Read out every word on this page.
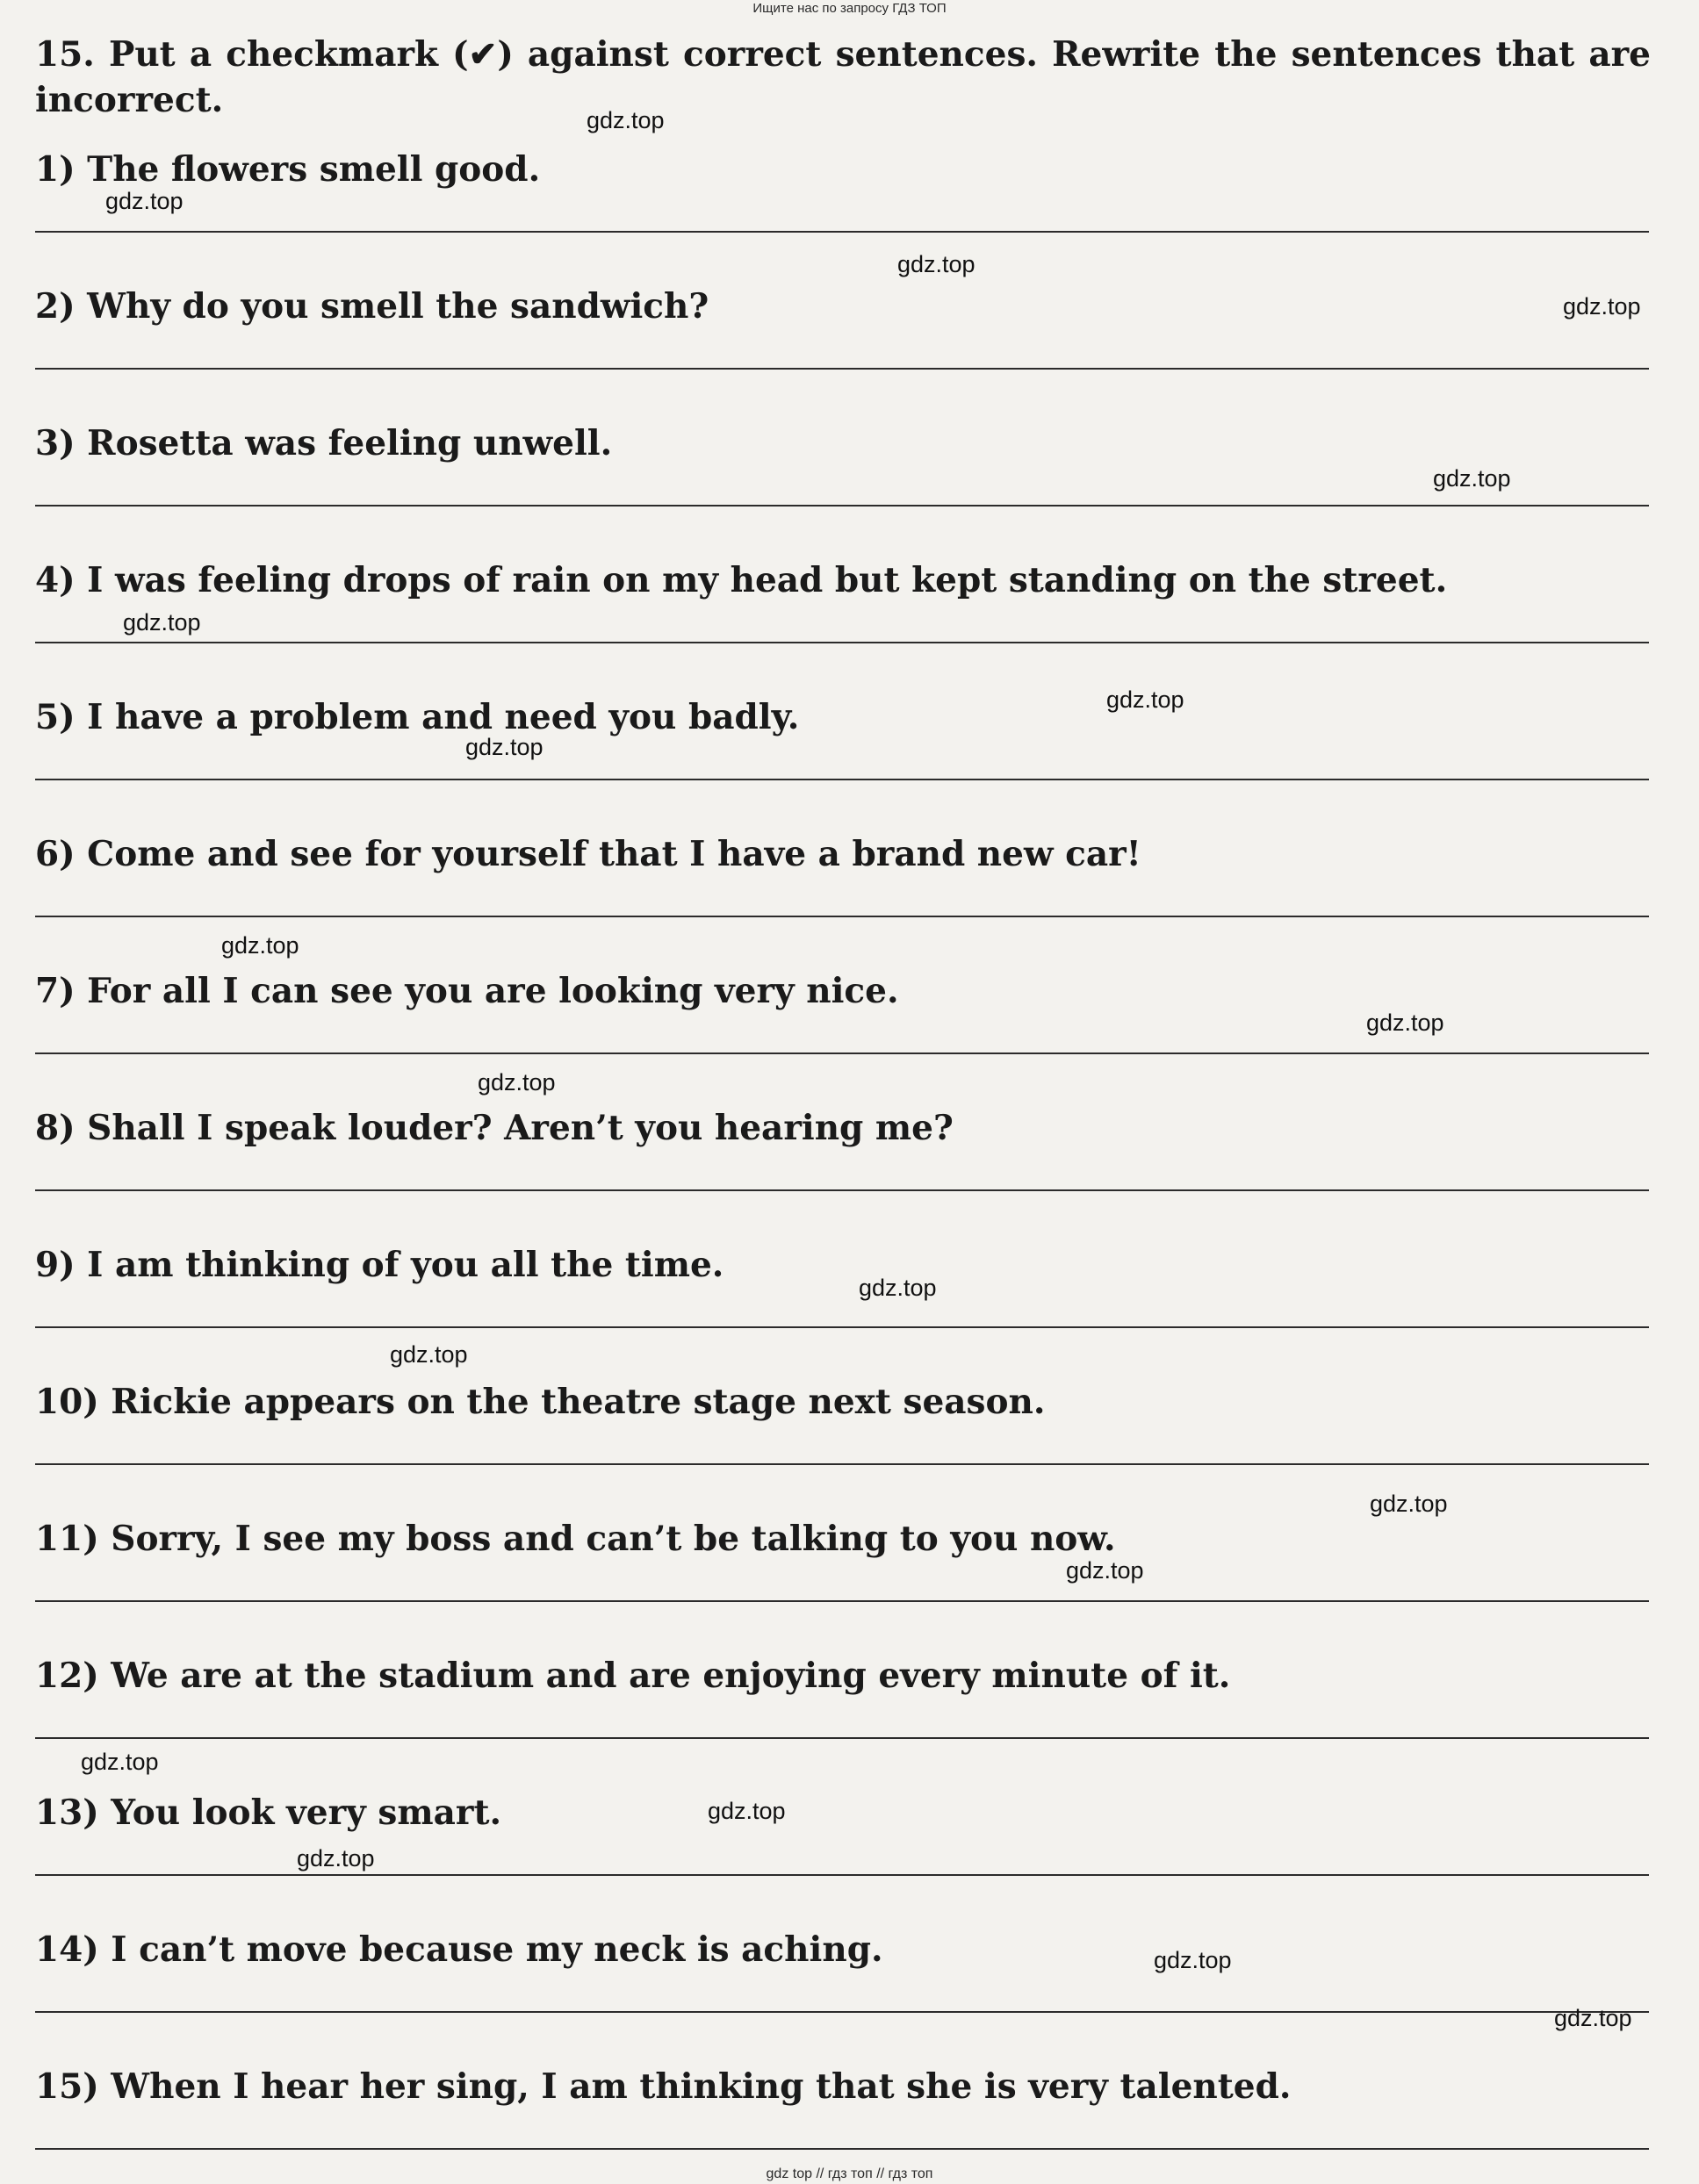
Ищите нас по запросу ГДЗ ТОП
15. Put a checkmark (✔) against correct sentences. Rewrite the sentences that are incorrect.
1) The flowers smell good.
2) Why do you smell the sandwich?
3) Rosetta was feeling unwell.
4) I was feeling drops of rain on my head but kept standing on the street.
5) I have a problem and need you badly.
6) Come and see for yourself that I have a brand new car!
7) For all I can see you are looking very nice.
8) Shall I speak louder? Aren’t you hearing me?
9) I am thinking of you all the time.
10) Rickie appears on the theatre stage next season.
11) Sorry, I see my boss and can’t be talking to you now.
12) We are at the stadium and are enjoying every minute of it.
13) You look very smart.
14) I can’t move because my neck is aching.
15) When I hear her sing, I am thinking that she is very talented.
gdz.top
gdz.top
gdz.top
gdz.top
gdz.top
gdz.top
gdz.top
gdz.top
gdz.top
gdz.top
gdz.top
gdz.top
gdz.top
gdz.top
gdz.top
gdz.top
gdz.top
gdz.top
gdz.top
gdz.top
gdz top // гдз топ // гдз топ
